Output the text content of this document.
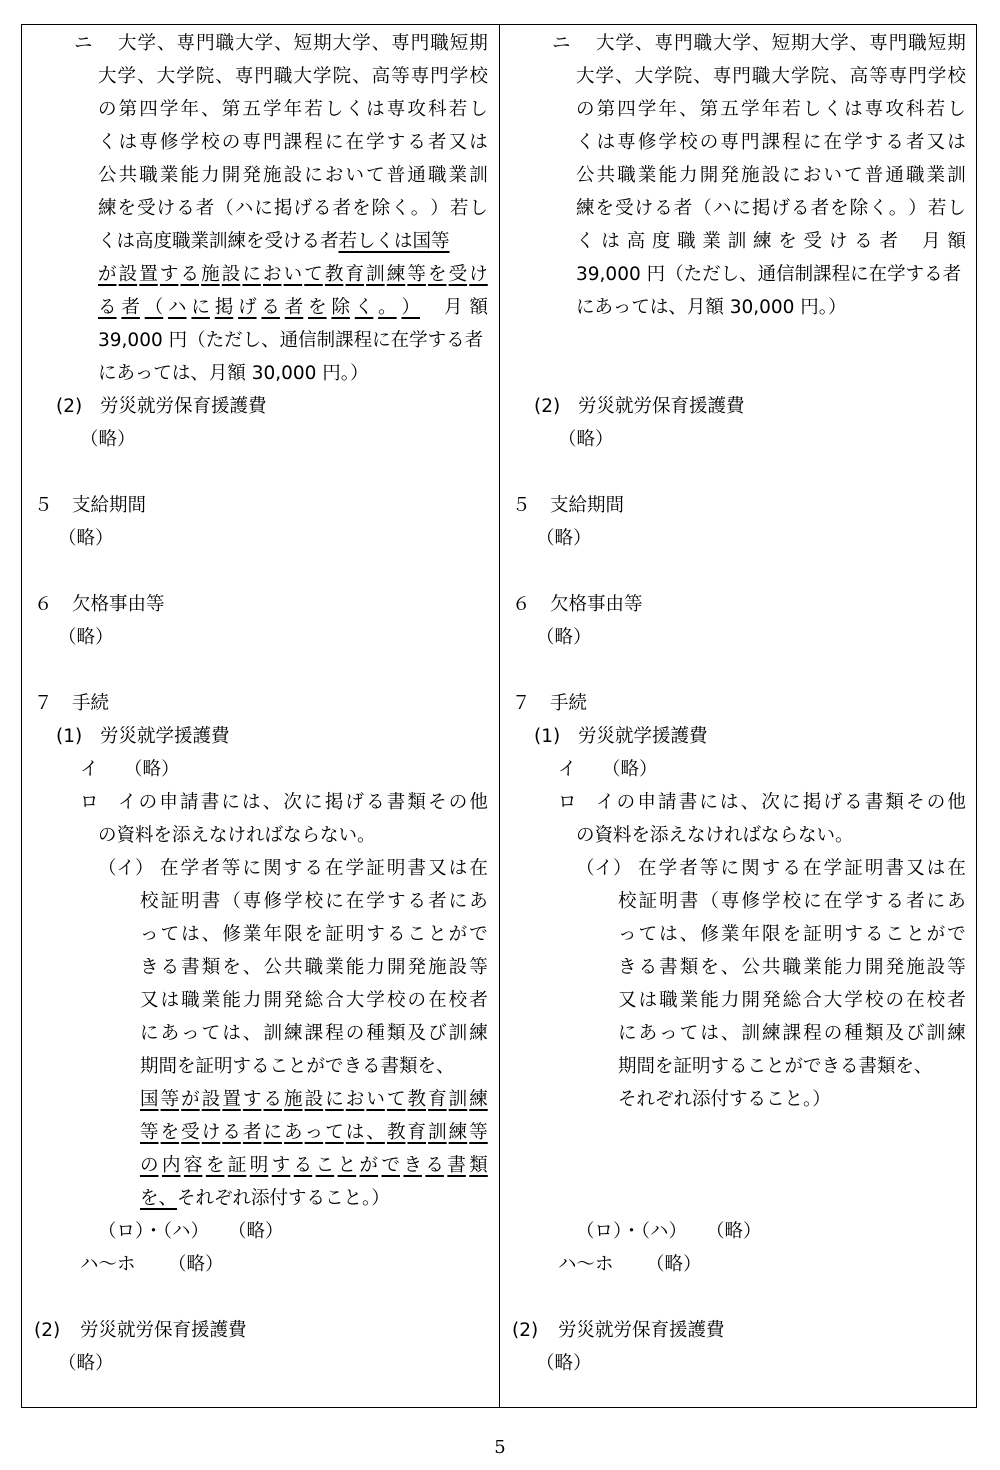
ニ 大 学 、 専 門 職 大 学 、 短 期 大 学 、 専 門 職 短 期
大 学 、 大 学 院 、 専 門 職 大 学 院 、 高 等 専 門 学 校
の 第 四 学 年 、 第 五 学 年 若 し く は 専 攻 科 若 し
く は 専 修 学 校 の 専 門 課 程 に 在 学 す る 者 又 は
公 共 職 業 能 力 開 発 施 設 に お い て 普 通 職 業 訓
練 を 受 け る 者 （ ハ に 掲 げ る 者 を 除 く 。 ） 若 し
くは高度職業訓練を受ける者若しくは国等
が 設 置 す る 施 設 に お い て 教 育 訓 練 等 を 受 け
る 者 （ ハ に 掲 げ る 者 を 除 く 。 ） 月 額
39,000 円（ただし、通信制課程に在学する者
にあっては、月額 30,000 円。）
(2) 労災就労保育援護費
（略）
５ 支給期間
（略）
６ 欠格事由等
（略）
７ 手続
(1) 労災就学援護費
イ （略）
ロ イ の 申 請 書 に は 、 次 に 掲 げ る 書 類 そ の 他
の資料を添えなければならない。
（イ） 在 学 者 等 に 関 す る 在 学 証 明 書 又 は 在
校 証 明 書 （ 専 修 学 校 に 在 学 す る 者 に あ
っ て は 、 修 業 年 限 を 証 明 す る こ と が で
き る 書 類 を 、 公 共 職 業 能 力 開 発 施 設 等
又 は 職 業 能 力 開 発 総 合 大 学 校 の 在 校 者
に あ っ て は 、 訓 練 課 程 の 種 類 及 び 訓 練
期間を証明することができる書類を、
国 等 が 設 置 す る 施 設 に お い て 教 育 訓 練
等 を 受 け る 者 に あ っ て は 、 教 育 訓 練 等
の 内 容 を 証 明 す る こ と が で き る 書 類
を、それぞれ添付すること。）
（ロ）・（ハ） （略）
ハ～ホ （略）
(2) 労災就労保育援護費
（略）
ニ 大 学 、 専 門 職 大 学 、 短 期 大 学 、 専 門 職 短 期
大 学 、 大 学 院 、 専 門 職 大 学 院 、 高 等 専 門 学 校
の 第 四 学 年 、 第 五 学 年 若 し く は 専 攻 科 若 し
く は 専 修 学 校 の 専 門 課 程 に 在 学 す る 者 又 は
公 共 職 業 能 力 開 発 施 設 に お い て 普 通 職 業 訓
練 を 受 け る 者 （ ハ に 掲 げ る 者 を 除 く 。 ） 若 し
く は 高 度 職 業 訓 練 を 受 け る 者 月 額
39,000 円（ただし、通信制課程に在学する者
にあっては、月額 30,000 円。）
(2) 労災就労保育援護費
（略）
５ 支給期間
（略）
６ 欠格事由等
（略）
７ 手続
(1) 労災就学援護費
イ （略）
ロ イ の 申 請 書 に は 、 次 に 掲 げ る 書 類 そ の 他
の資料を添えなければならない。
（イ） 在 学 者 等 に 関 す る 在 学 証 明 書 又 は 在
校 証 明 書 （ 専 修 学 校 に 在 学 す る 者 に あ
っ て は 、 修 業 年 限 を 証 明 す る こ と が で
き る 書 類 を 、 公 共 職 業 能 力 開 発 施 設 等
又 は 職 業 能 力 開 発 総 合 大 学 校 の 在 校 者
に あ っ て は 、 訓 練 課 程 の 種 類 及 び 訓 練
期間を証明することができる書類を、
それぞれ添付すること。）
（ロ）・（ハ） （略）
ハ～ホ （略）
(2) 労災就労保育援護費
（略）
5
